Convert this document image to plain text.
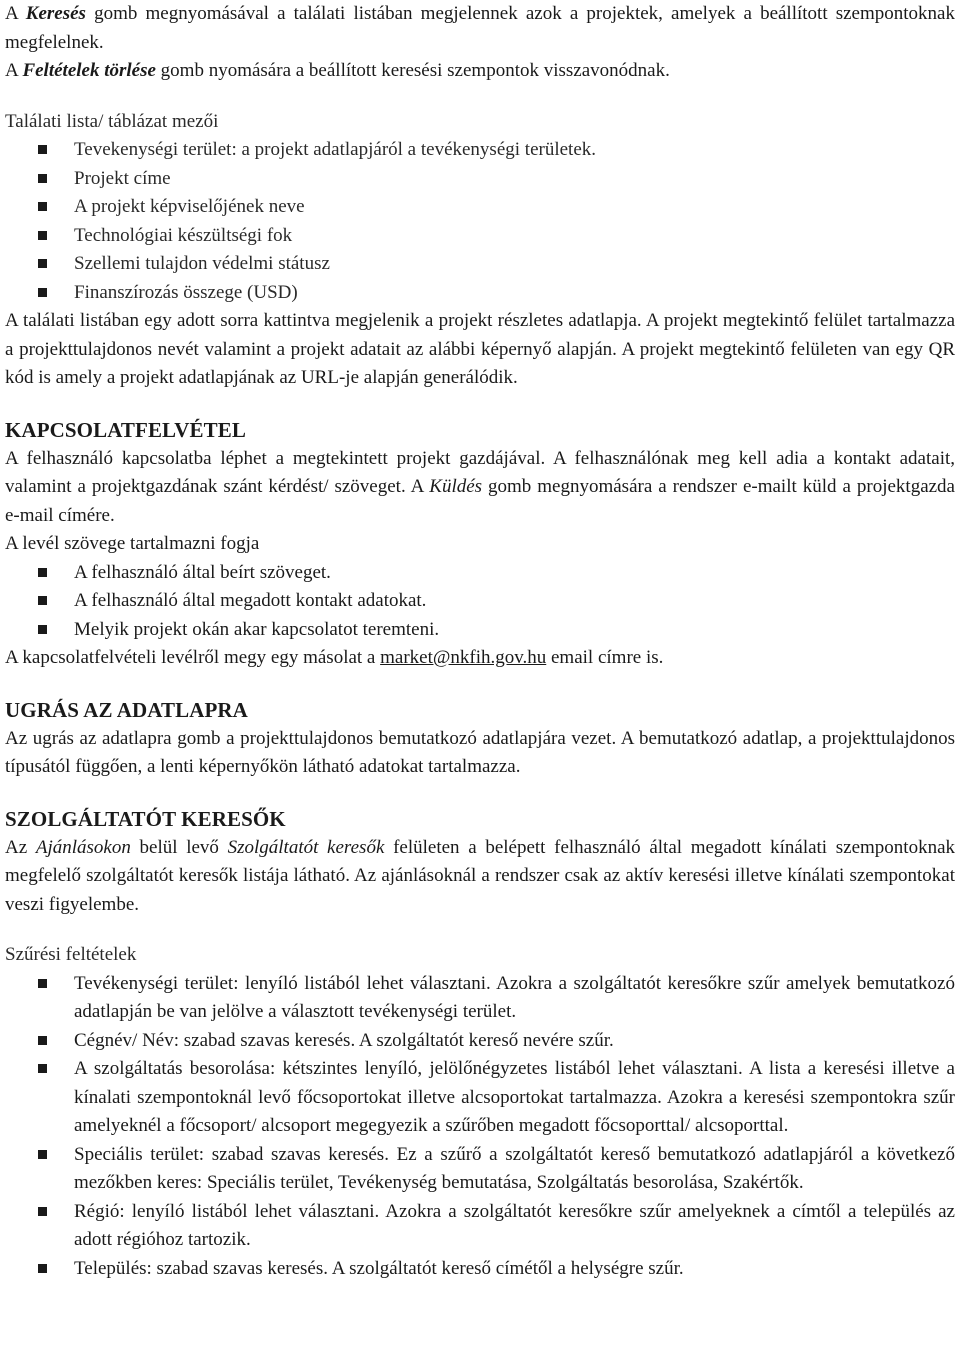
A Keresés gomb megnyomásával a találati listában megjelennek azok a projektek, amelyek a beállított szempontoknak megfelelnek.

A Feltételek törlése gomb nyomására a beállított keresési szempontok visszavonódnak.

Találati lista/ táblázat mezői

Tevekenységi terület: a projekt adatlapjáról a tevékenységi területek.
Projekt címe
A projekt képviselőjének neve
Technológiai készültségi fok
Szellemi tulajdon védelmi státusz
Finanszírozás összege (USD)

A találati listában egy adott sorra kattintva megjelenik a projekt részletes adatlapja. A projekt megtekintő felület tartalmazza a projekttulajdonos nevét valamint a projekt adatait az alábbi képernyő alapján. A projekt megtekintő felületen van egy QR kód is amely a projekt adatlapjának az URL-je alapján generálódik.

KAPCSOLATFELVÉTEL

A felhasználó kapcsolatba léphet a megtekintett projekt gazdájával. A felhasználónak meg kell adia a kontakt adatait, valamint a projektgazdának szánt kérdést/ szöveget. A Küldés gomb megnyomására a rendszer e-mailt küld a projektgazda e-mail címére.

A levél szövege tartalmazni fogja

A felhasználó által beírt szöveget.
A felhasználó által megadott kontakt adatokat.
Melyik projekt okán akar kapcsolatot teremteni.

A kapcsolatfelvételi levélről megy egy másolat a market@nkfih.gov.hu email címre is.

UGRÁS AZ ADATLAPRA

Az ugrás az adatlapra gomb a projekttulajdonos bemutatkozó adatlapjára vezet. A bemutatkozó adatlap, a projekttulajdonos típusától függően, a lenti képernyőkön látható adatokat tartalmazza.

SZOLGÁLTATÓT KERESŐK

Az Ajánlásokon belül levő Szolgáltatót keresők felületen a belépett felhasználó által megadott kínálati szempontoknak megfelelő szolgáltatót keresők listája látható. Az ajánlásoknál a rendszer csak az aktív keresési illetve kínálati szempontokat veszi figyelembe.

Szűrési feltételek

Tevékenységi terület: lenyíló listából lehet választani. Azokra a szolgáltatót keresőkre szűr amelyek bemutatkozó adatlapján be van jelölve a választott tevékenységi terület.
Cégnév/ Név: szabad szavas keresés. A szolgáltatót kereső nevére szűr.
A szolgáltatás besorolása: kétszintes lenyíló, jelölőnégyzetes listából lehet választani. A lista a keresési illetve a kínalati szempontoknál levő főcsoportokat illetve alcsoportokat tartalmazza. Azokra a keresési szempontokra szűr amelyeknél a főcsoport/ alcsoport megegyezik a szűrőben megadott főcsoporttal/ alcsoporttal.
Speciális terület: szabad szavas keresés. Ez a szűrő a szolgáltatót kereső bemutatkozó adatlapjáról a következő mezőkben keres: Speciális terület, Tevékenység bemutatása, Szolgáltatás besorolása, Szakértők.
Régió: lenyíló listából lehet választani. Azokra a szolgáltatót keresőkre szűr amelyeknek a címtől a település az adott régióhoz tartozik.
Település: szabad szavas keresés. A szolgáltatót kereső címétől a helységre szűr.
